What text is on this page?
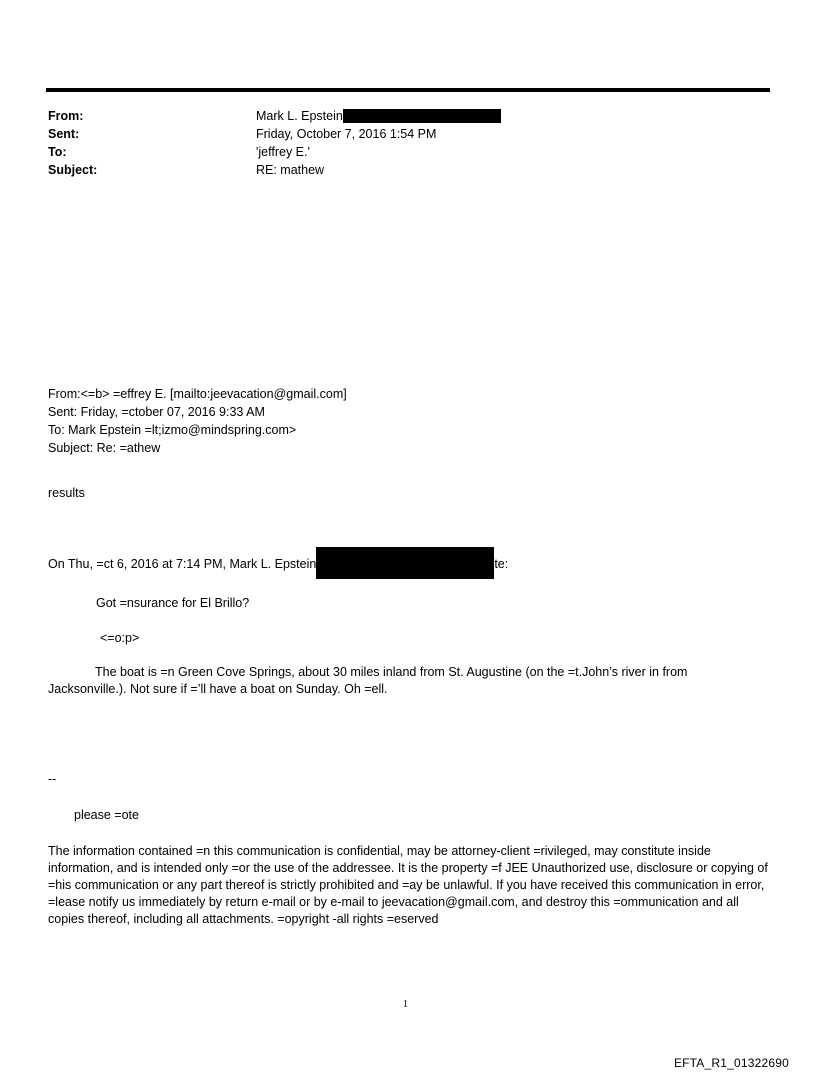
From:	Mark L. Epstein
Sent:	Friday, October 7, 2016 1:54 PM
To:	'jeffrey E.'
Subject:	RE: mathew
From:<=b> =effrey E. [mailto:jeevacation@gmail.com]
Sent: Friday, =ctober 07, 2016 9:33 AM
To: Mark Epstein =lt;izmo@mindspring.com>
Subject: Re: =athew
results
On Thu, =ct 6, 2016 at 7:14 PM, Mark L. Epstein	te:
Got =nsurance for El Brillo?
<=o:p>
The boat is =n Green Cove Springs, about 30 miles inland from St. Augustine (on the =t.John’s river in from Jacksonville.). Not sure if =’ll have a boat on Sunday. Oh =ell.
--
please =ote
The information contained =n this communication is confidential, may be attorney-client =rivileged, may constitute inside information, and is intended only =or the use of the addressee. It is the property =f JEE Unauthorized use, disclosure or copying of =his communication or any part thereof is strictly prohibited and =ay be unlawful. If you have received this communication in error, =lease notify us immediately by return e-mail or by e-mail to jeevacation@gmail.com, and destroy this =ommunication and all copies thereof, including all attachments. =opyright -all rights =eserved
1
EFTA_R1_01322690
